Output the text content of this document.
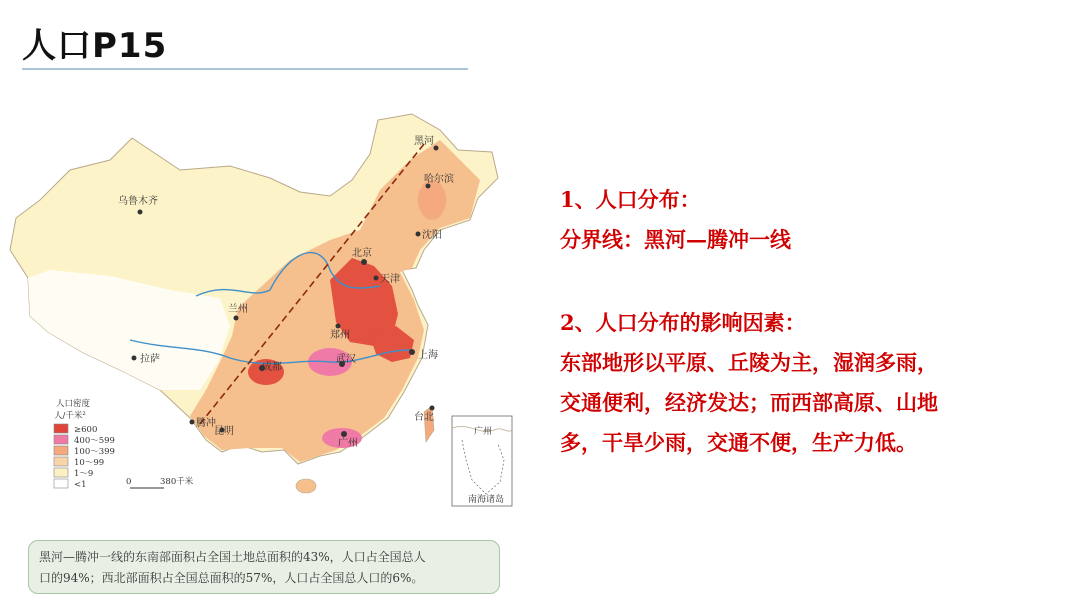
人口P15
黑河
哈尔滨
沈阳
北京
天津
乌鲁木齐
兰州
郑州
拉萨
成都
武汉	上海
腾冲
昆明
广州
台北
广州
南海诸岛
人口密度
人/千米²
≥600
400～599
100～399
10～99
1～9
<1	0	380千米

1、人口分布：

分界线：黑河—腾冲一线

2、人口分布的影响因素：

东部地形以平原、丘陵为主，湿润多雨，

交通便利，经济发达；而西部高原、山地

多，干旱少雨，交通不便，生产力低。

黑河—腾冲一线的东南部面积占全国土地总面积的43%，人口占全国总人
口的94%；西北部面积占全国总面积的57%，人口占全国总人口的6%。
